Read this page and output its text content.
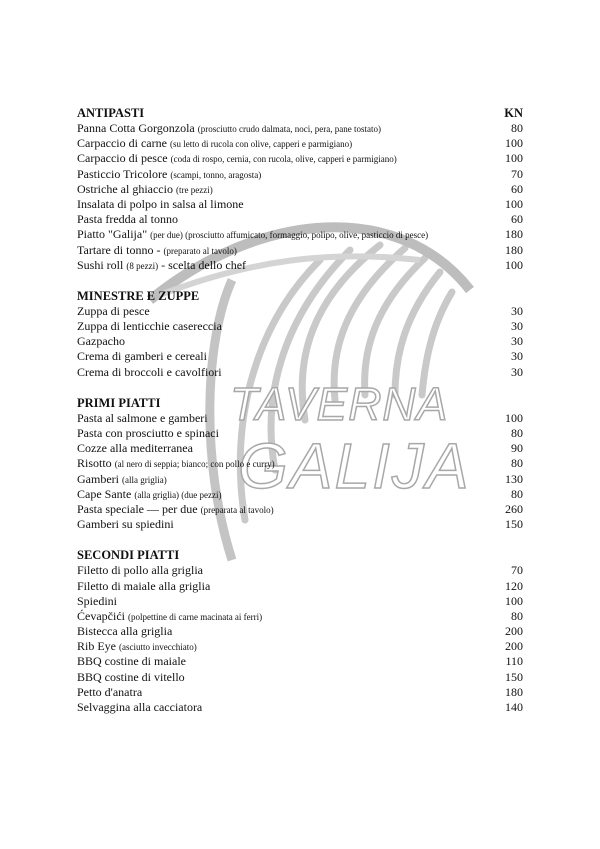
TAVERNA
GALIJA
ANTIPASTI	KN
Panna Cotta Gorgonzola (prosciutto crudo dalmata, noci, pera, pane tostato)	80
Carpaccio di carne (su letto di rucola con olive, capperi e parmigiano)	100
Carpaccio di pesce (coda di rospo, cernia, con rucola, olive, capperi e parmigiano)	100
Pasticcio Tricolore (scampi, tonno, aragosta)	70
Ostriche al ghiaccio (tre pezzi)	60
Insalata di polpo in salsa al limone	100
Pasta fredda al tonno	60
Piatto "Galija" (per due) (prosciutto affumicato, formaggio, polipo, olive, pasticcio di pesce)	180
Tartare di tonno - (preparato al tavolo)	180
Sushi roll (8 pezzi) - scelta dello chef	100
MINESTRE E ZUPPE
Zuppa di pesce	30
Zuppa di lenticchie casereccia	30
Gazpacho	30
Crema di gamberi e cereali	30
Crema di broccoli e cavolfiori	30
PRIMI PIATTI
Pasta al salmone e gamberi	100
Pasta con prosciutto e spinaci	80
Cozze alla mediterranea	90
Risotto (al nero di seppia; bianco; con pollo e curry)	80
Gamberi (alla griglia)	130
Cape Sante (alla griglia) (due pezzi)	80
Pasta speciale — per due (preparata al tavolo)	260
Gamberi su spiedini	150
SECONDI PIATTI
Filetto di pollo alla griglia	70
Filetto di maiale alla griglia	120
Spiedini	100
Ćevapčići (polpettine di carne macinata ai ferri)	80
Bistecca alla griglia	200
Rib Eye (asciutto invecchiato)	200
BBQ costine di maiale	110
BBQ costine di vitello	150
Petto d'anatra	180
Selvaggina alla cacciatora	140
